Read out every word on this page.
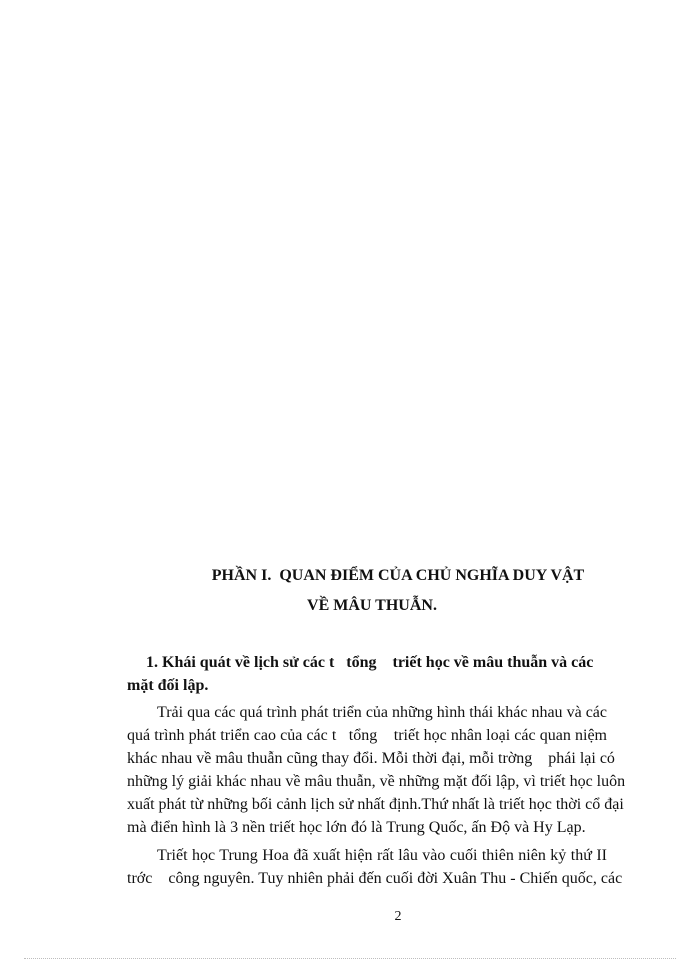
PHẦN I.  QUAN ĐIỂM CỦA CHỦ NGHĨA DUY VẬT
VỀ MÂU THUẪN.
1. Khái quát về lịch sử các t   tổng    triết học về mâu thuẫn và các
mặt đối lập.
Trải qua các quá trình phát triển của những hình thái khác nhau và các
quá trình phát triển cao của các t   tổng    triết học nhân loại các quan niệm
khác nhau về mâu thuẫn cũng thay đổi. Mỗi thời đại, mỗi trờng    phái lại có
những lý giải khác nhau về mâu thuẫn, về những mặt đối lập, vì triết học luôn
xuất phát từ những bối cảnh lịch sử nhất định.Thứ nhất là triết học thời cổ đại
mà điển hình là 3 nền triết học lớn đó là Trung Quốc, ấn Độ và Hy Lạp.
Triết học Trung Hoa đã xuất hiện rất lâu vào cuối thiên niên kỷ thứ II
trớc    công nguyên. Tuy nhiên phải đến cuối đời Xuân Thu - Chiến quốc, các
2
